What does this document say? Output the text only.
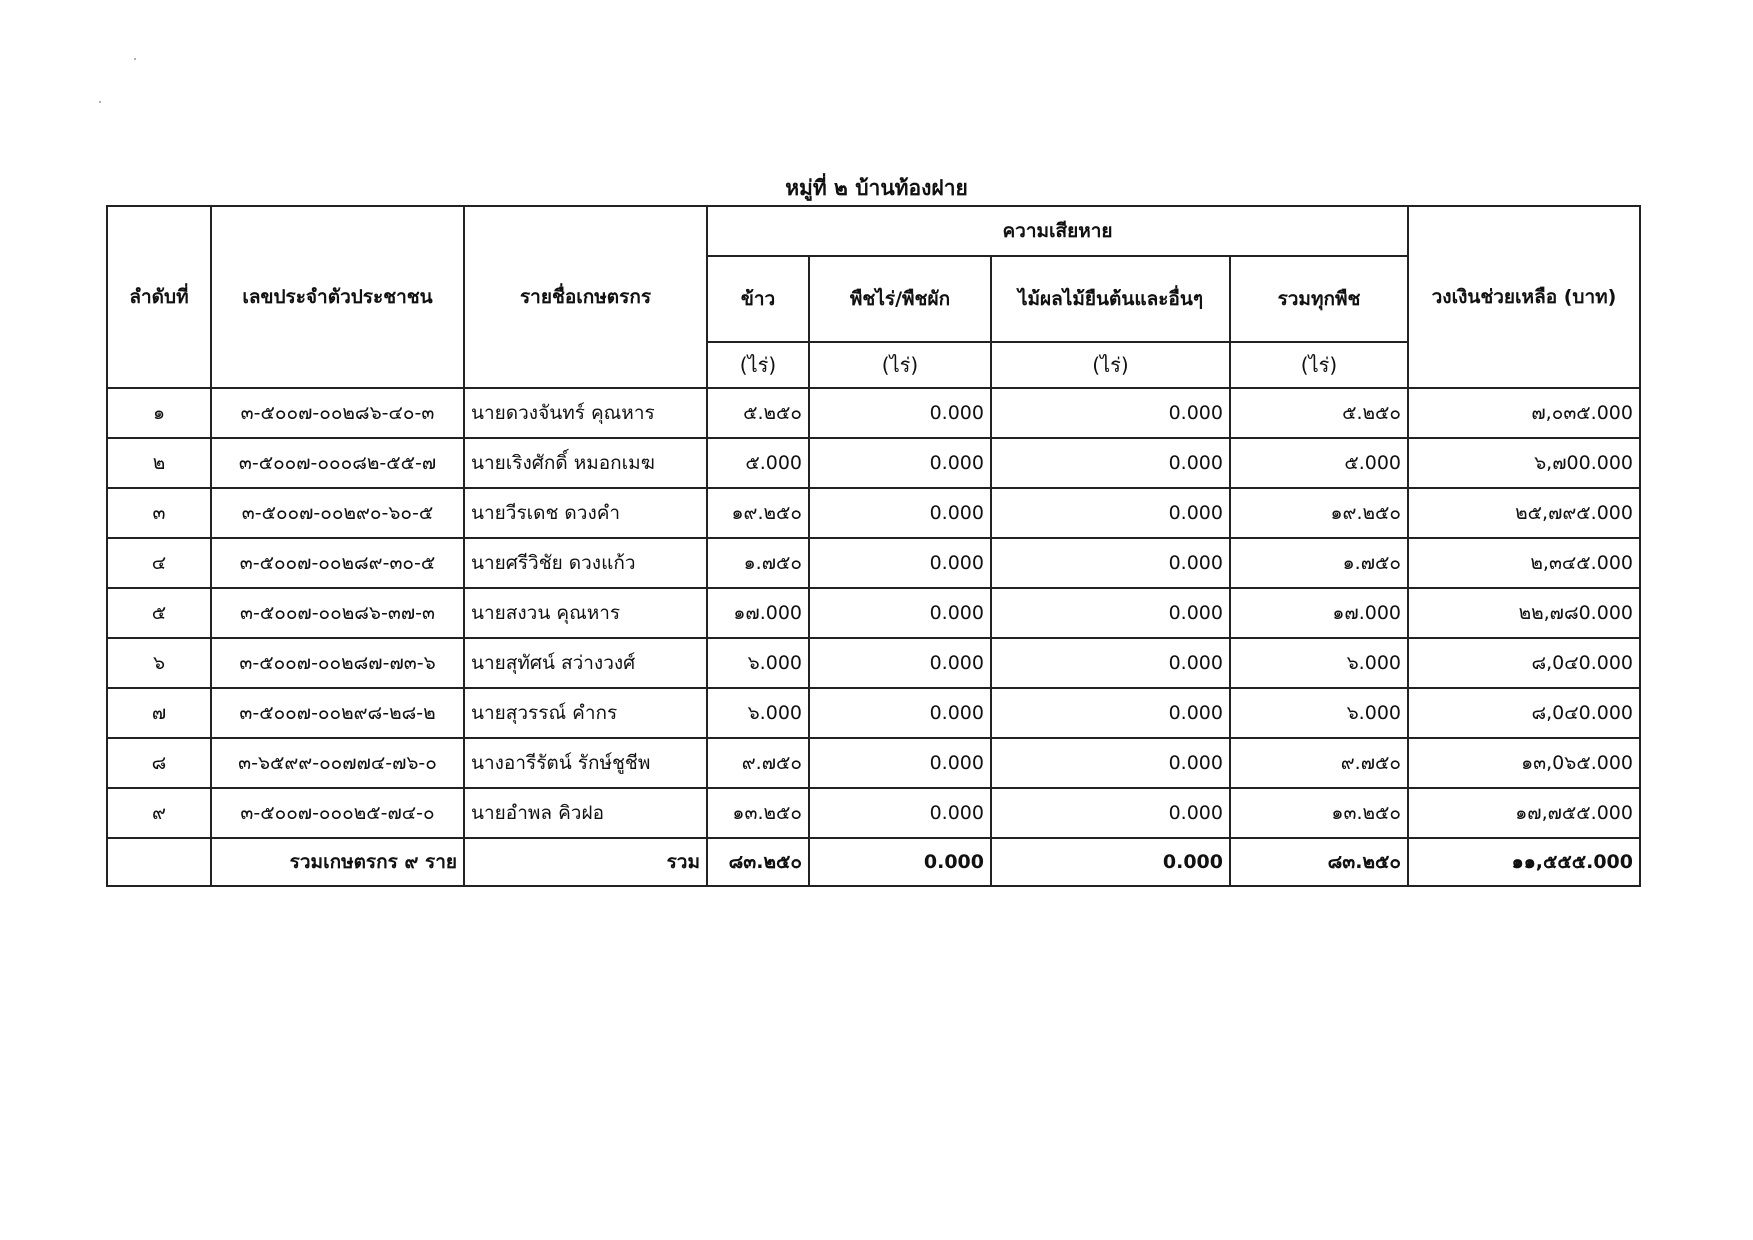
หมู่ที่ ๒ บ้านท้องฝาย
ลำดับที่	เลขประจำตัวประชาชน	รายชื่อเกษตรกร	ความเสียหาย				วงเงินช่วยเหลือ (บาท)
			ข้าว	พืชไร่/พืชผัก	ไม้ผลไม้ยืนต้นและอื่นๆ	รวมทุกพืช	
			(ไร่)	(ไร่)	(ไร่)	(ไร่)	
๑	๓-๕๐๐๗-๐๐๒๘๖-๔๐-๓	นายดวงจันทร์ คุณหาร	๕.๒๕๐	0.000	0.000	๕.๒๕๐	๗,๐๓๕.000
๒	๓-๕๐๐๗-๐๐๐๘๒-๕๕-๗	นายเริงศักดิ์ หมอกเมฆ	๕.000	0.000	0.000	๕.000	๖,๗00.000
๓	๓-๕๐๐๗-๐๐๒๙๐-๖๐-๕	นายวีรเดช ดวงคำ	๑๙.๒๕๐	0.000	0.000	๑๙.๒๕๐	๒๕,๗๙๕.000
๔	๓-๕๐๐๗-๐๐๒๘๙-๓๐-๕	นายศรีวิชัย ดวงแก้ว	๑.๗๕๐	0.000	0.000	๑.๗๕๐	๒,๓๔๕.000
๕	๓-๕๐๐๗-๐๐๒๘๖-๓๗-๓	นายสงวน คุณหาร	๑๗.000	0.000	0.000	๑๗.000	๒๒,๗๘0.000
๖	๓-๕๐๐๗-๐๐๒๘๗-๗๓-๖	นายสุทัศน์ สว่างวงศ์	๖.000	0.000	0.000	๖.000	๘,0๔0.000
๗	๓-๕๐๐๗-๐๐๒๙๘-๒๘-๒	นายสุวรรณ์ คำกร	๖.000	0.000	0.000	๖.000	๘,0๔0.000
๘	๓-๖๕๙๙-๐๐๗๗๔-๗๖-๐	นางอารีรัตน์ รักษ์ชูชีพ	๙.๗๕๐	0.000	0.000	๙.๗๕๐	๑๓,0๖๕.000
๙	๓-๕๐๐๗-๐๐๐๒๕-๗๔-๐	นายอำพล คิวฝอ	๑๓.๒๕๐	0.000	0.000	๑๓.๒๕๐	๑๗,๗๕๕.000
	รวมเกษตรกร ๙ ราย	รวม	๘๓.๒๕๐	0.000	0.000	๘๓.๒๕๐	๑๑,๕๕๕.000
